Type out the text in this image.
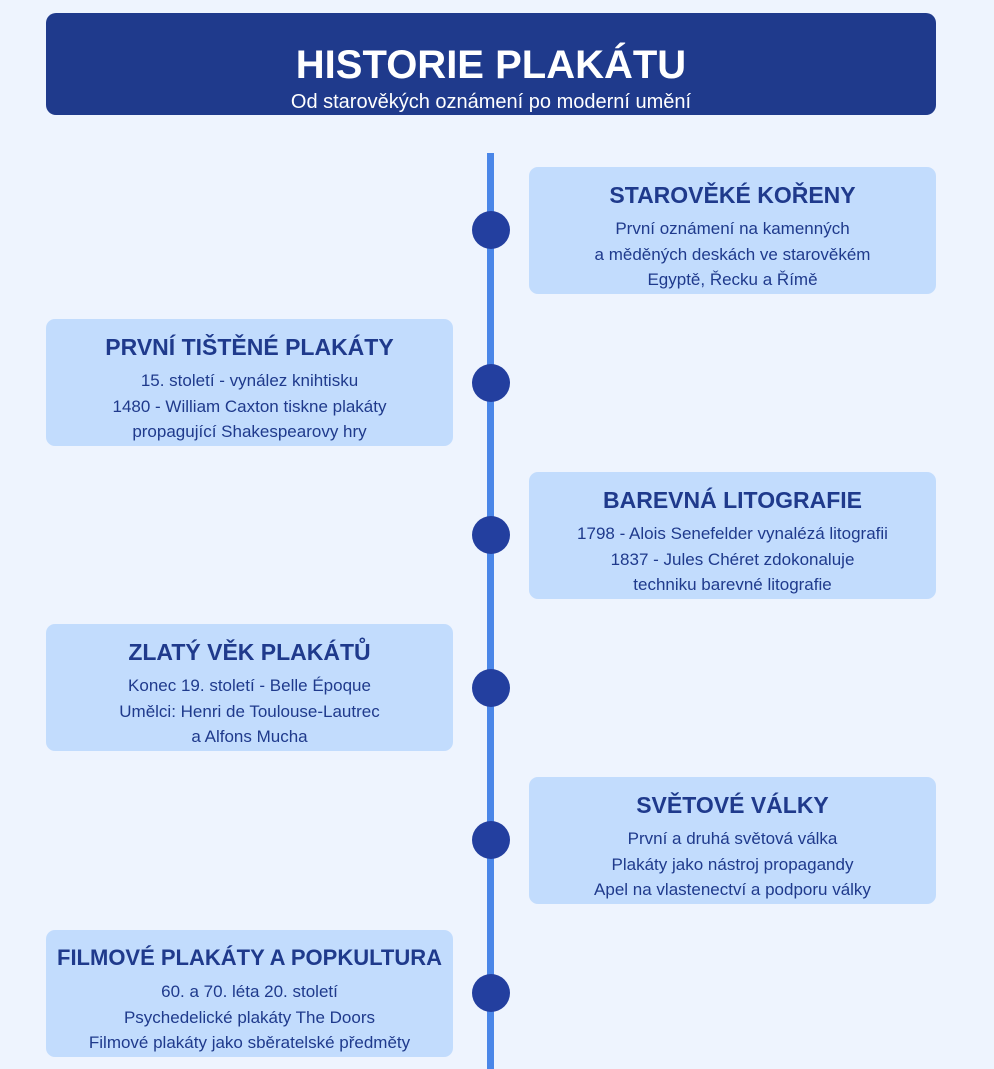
HISTORIE PLAKÁTU
Od starověkých oznámení po moderní umění
STAROVĚKÉ KOŘENY
První oznámení na kamenných
a měděných deskách ve starověkém
Egyptě, Řecku a Římě
PRVNÍ TIŠTĚNÉ PLAKÁTY
15. století - vynález knihtisku
1480 - William Caxton tiskne plakáty
propagující Shakespearovy hry
BAREVNÁ LITOGRAFIE
1798 - Alois Senefelder vynalézá litografii
1837 - Jules Chéret zdokonaluje
techniku barevné litografie
ZLATÝ VĚK PLAKÁTŮ
Konec 19. století - Belle Époque
Umělci: Henri de Toulouse-Lautrec
a Alfons Mucha
SVĚTOVÉ VÁLKY
První a druhá světová válka
Plakáty jako nástroj propagandy
Apel na vlastenectví a podporu války
FILMOVÉ PLAKÁTY A POPKULTURA
60. a 70. léta 20. století
Psychedelické plakáty The Doors
Filmové plakáty jako sběratelské předměty
